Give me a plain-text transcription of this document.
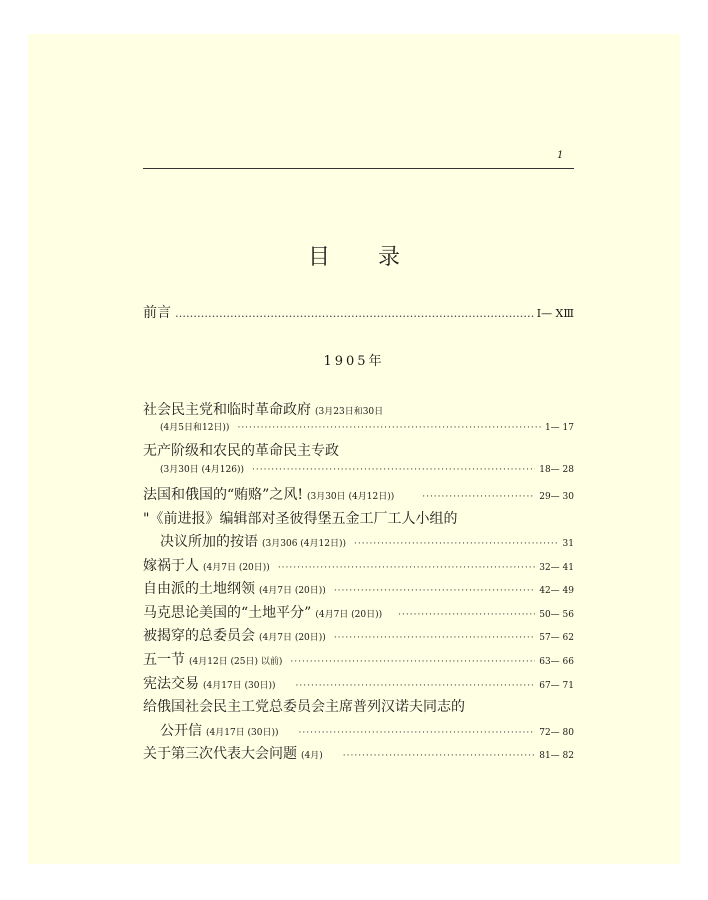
1
目 录
前言 ………………………………………………………………………………………………………………………………	Ⅰ— XⅢ
1905年
社会民主党和临时革命政府 (3月23日和30日
(4月5日和12日)) ·····	1— 17
无产阶级和农民的革命民主专政
(3月30日 (4月126)) ·····	18— 28
法国和俄国的“贿赂”之风! (3月30日 (4月12日)) ·····	29— 30
"《前进报》编辑部对圣彼得堡五金工厂工人小组的
决议所加的按语 (3月306 (4月12日)) ·····	31
嫁祸于人 (4月7日 (20日)) ·····	32— 41
自由派的土地纲领 (4月7日 (20日)) ·····	42— 49
马克思论美国的“土地平分” (4月7日 (20日)) ·····	50— 56
被揭穿的总委员会 (4月7日 (20日)) ·····	57— 62
五一节 (4月12日 (25日) 以前) ·····	63— 66
宪法交易 (4月17日 (30日)) ·····	67— 71
给俄国社会民主工党总委员会主席普列汉诺夫同志的
公开信 (4月17日 (30日)) ·····	72— 80
关于第三次代表大会问题 (4月) ·····	81— 82
